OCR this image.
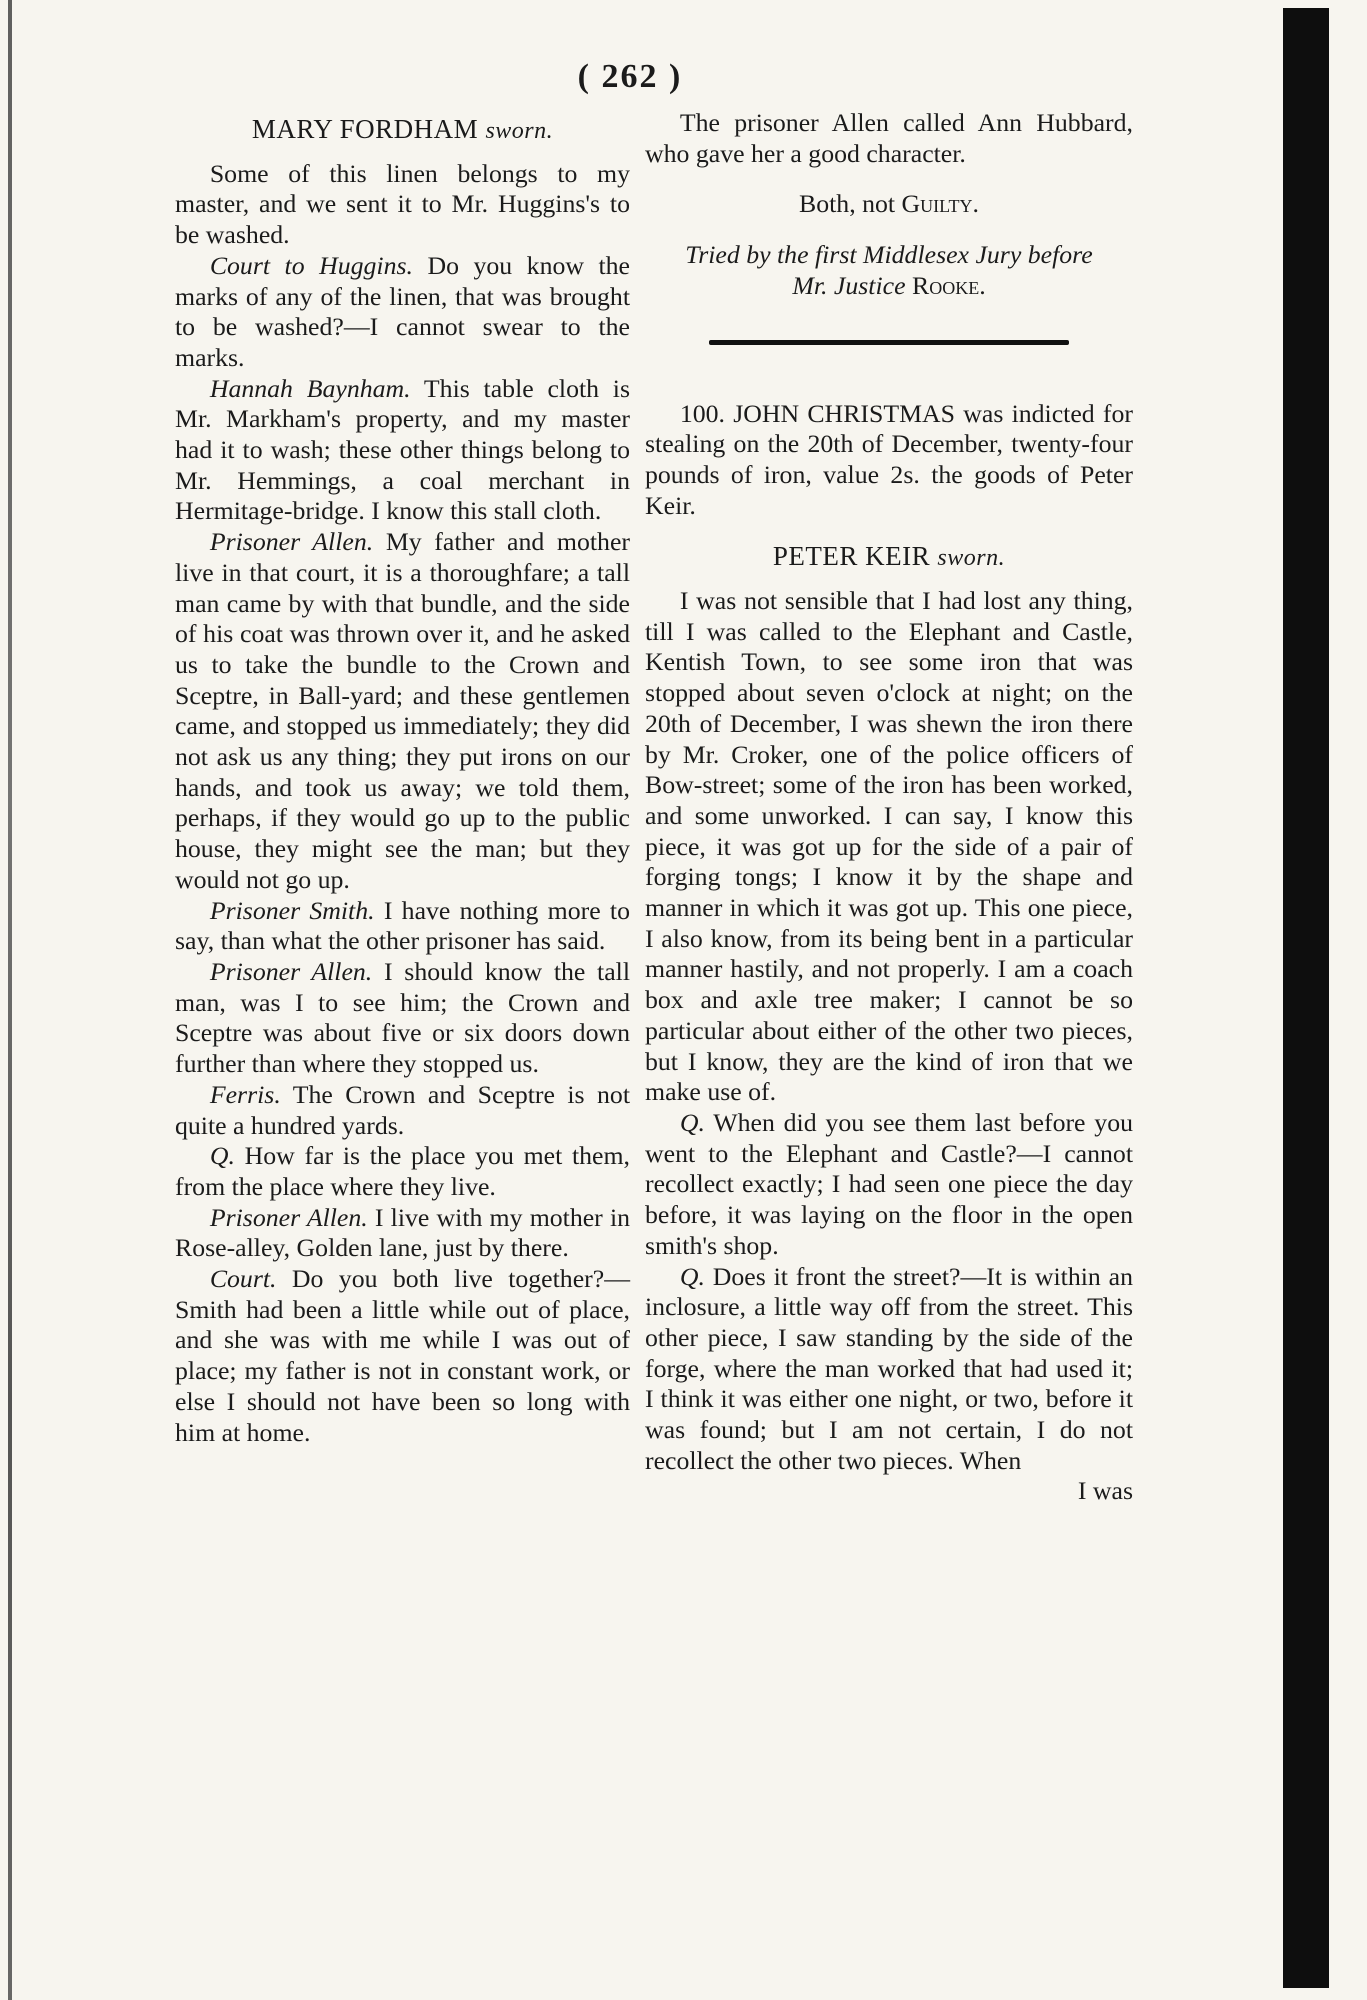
( 262 )

MARY FORDHAM sworn.

Some of this linen belongs to my master, and we sent it to Mr. Huggins's to be washed.

Court to Huggins. Do you know the marks of any of the linen, that was brought to be washed?—I cannot swear to the marks.

Hannah Baynham. This table cloth is Mr. Markham's property, and my master had it to wash; these other things belong to Mr. Hemmings, a coal merchant in Hermitage-bridge. I know this stall cloth.

Prisoner Allen. My father and mother live in that court, it is a thoroughfare; a tall man came by with that bundle, and the side of his coat was thrown over it, and he asked us to take the bundle to the Crown and Sceptre, in Ball-yard; and these gentlemen came, and stopped us immediately; they did not ask us any thing; they put irons on our hands, and took us away; we told them, perhaps, if they would go up to the public house, they might see the man; but they would not go up.

Prisoner Smith. I have nothing more to say, than what the other prisoner has said.

Prisoner Allen. I should know the tall man, was I to see him; the Crown and Sceptre was about five or six doors down further than where they stopped us.

Ferris. The Crown and Sceptre is not quite a hundred yards.

Q. How far is the place you met them, from the place where they live.

Prisoner Allen. I live with my mother in Rose-alley, Golden lane, just by there.

Court. Do you both live together?—Smith had been a little while out of place, and she was with me while I was out of place; my father is not in constant work, or else I should not have been so long with him at home.

The prisoner Allen called Ann Hubbard, who gave her a good character.

Both, not Guilty.

Tried by the first Middlesex Jury before

Mr. Justice Rooke.

100. JOHN CHRISTMAS was indicted for stealing on the 20th of December, twenty-four pounds of iron, value 2s. the goods of Peter Keir.

PETER KEIR sworn.

I was not sensible that I had lost any thing, till I was called to the Elephant and Castle, Kentish Town, to see some iron that was stopped about seven o'clock at night; on the 20th of December, I was shewn the iron there by Mr. Croker, one of the police officers of Bow-street; some of the iron has been worked, and some unworked. I can say, I know this piece, it was got up for the side of a pair of forging tongs; I know it by the shape and manner in which it was got up. This one piece, I also know, from its being bent in a particular manner hastily, and not properly. I am a coach box and axle tree maker; I cannot be so particular about either of the other two pieces, but I know, they are the kind of iron that we make use of.

Q. When did you see them last before you went to the Elephant and Castle?—I cannot recollect exactly; I had seen one piece the day before, it was laying on the floor in the open smith's shop.

Q. Does it front the street?—It is within an inclosure, a little way off from the street. This other piece, I saw standing by the side of the forge, where the man worked that had used it; I think it was either one night, or two, before it was found; but I am not certain, I do not recollect the other two pieces. When

I was
